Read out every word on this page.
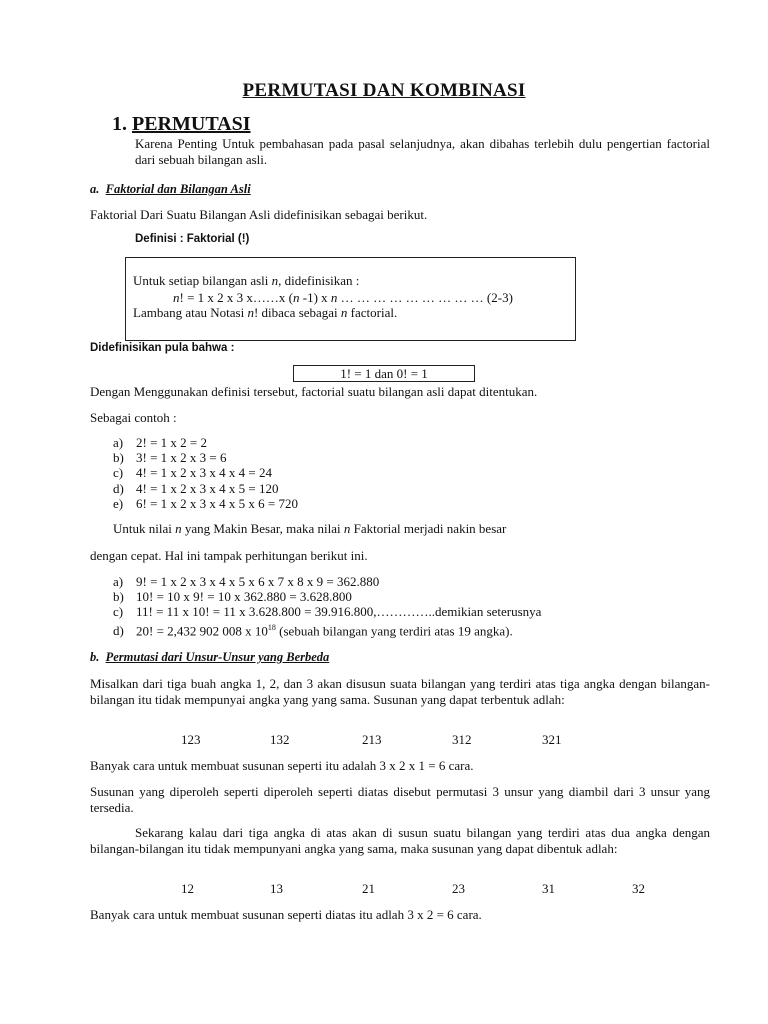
PERMUTASI DAN KOMBINASI
1. PERMUTASI
Karena Penting Untuk pembahasan pada pasal selanjudnya, akan dibahas terlebih dulu pengertian factorial dari sebuah bilangan asli.
a. Faktorial dan Bilangan Asli
Faktorial Dari Suatu Bilangan Asli didefinisikan sebagai berikut.
Definisi : Faktorial (!)
Untuk setiap bilangan asli n, didefinisikan :
n! = 1 x 2 x 3 x……x (n -1) x n … … … … … … … … … (2-3)
Lambang atau Notasi n! dibaca sebagai n factorial.
Didefinisikan pula bahwa :
1! = 1 dan 0! = 1
Dengan Menggunakan definisi tersebut, factorial suatu bilangan asli dapat ditentukan.
Sebagai contoh :
a) 2! = 1 x 2 = 2
b) 3! = 1 x 2 x 3 = 6
c) 4! = 1 x 2 x 3 x 4 x 4 = 24
d) 4! = 1 x 2 x 3 x 4 x 5 = 120
e) 6! = 1 x 2 x 3 x 4 x 5 x 6 = 720
Untuk nilai n yang Makin Besar, maka nilai n Faktorial merjadi nakin besar
dengan cepat. Hal ini tampak perhitungan berikut ini.
a) 9! = 1 x 2 x 3 x 4 x 5 x 6 x 7 x 8 x 9 = 362.880
b) 10! = 10 x 9! = 10 x 362.880 = 3.628.800
c) 11! = 11 x 10! = 11 x 3.628.800 = 39.916.800,…………..demikian seterusnya
d) 20! = 2,432 902 008 x $10^{18}$ (sebuah bilangan yang terdiri atas 19 angka).
b. Permutasi dari Unsur-Unsur yang Berbeda
Misalkan dari tiga buah angka 1, 2, dan 3 akan disusun suata bilangan yang terdiri atas tiga angka dengan bilangan-bilangan itu tidak mempunyai angka yang yang sama. Susunan yang dapat terbentuk adlah:
123	132	213	312	321
Banyak cara untuk membuat susunan seperti itu adalah 3 x 2 x 1 = 6 cara.
Susunan yang diperoleh seperti diperoleh seperti diatas disebut permutasi 3 unsur yang diambil dari 3 unsur yang tersedia.
Sekarang kalau dari tiga angka di atas akan di susun suatu bilangan yang terdiri atas dua angka dengan bilangan-bilangan itu tidak mempunyani angka yang sama, maka susunan yang dapat dibentuk adlah:
12	13	21	23	31	32
Banyak cara untuk membuat susunan seperti diatas itu adlah 3 x 2 = 6 cara.
